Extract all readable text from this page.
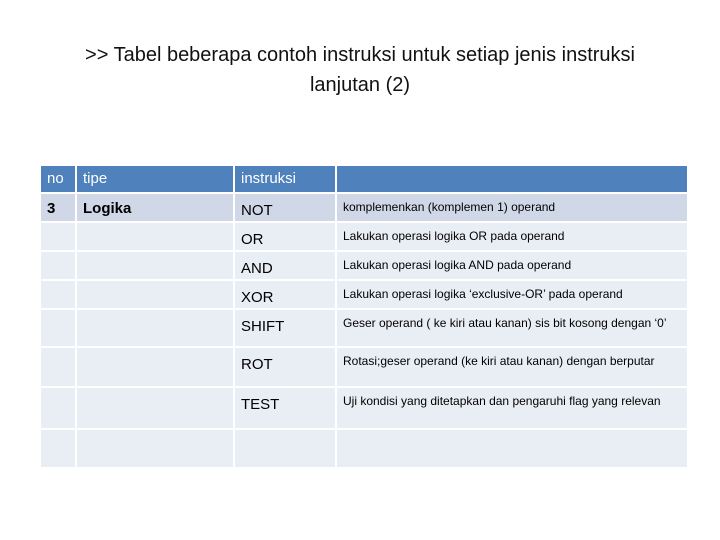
>> Tabel beberapa contoh instruksi untuk setiap jenis instruksi
lanjutan (2)
no	tipe	instruksi	
3	Logika	NOT	komplemenkan (komplemen 1) operand
		OR	Lakukan operasi logika OR pada operand
		AND	Lakukan operasi logika AND pada operand
		XOR	Lakukan operasi logika ‘exclusive-OR’ pada operand
		SHIFT	Geser operand ( ke kiri atau kanan) sis bit kosong dengan ‘0’
		ROT	Rotasi;geser operand (ke kiri atau kanan) dengan berputar
		TEST	Uji kondisi yang ditetapkan dan pengaruhi flag yang relevan
